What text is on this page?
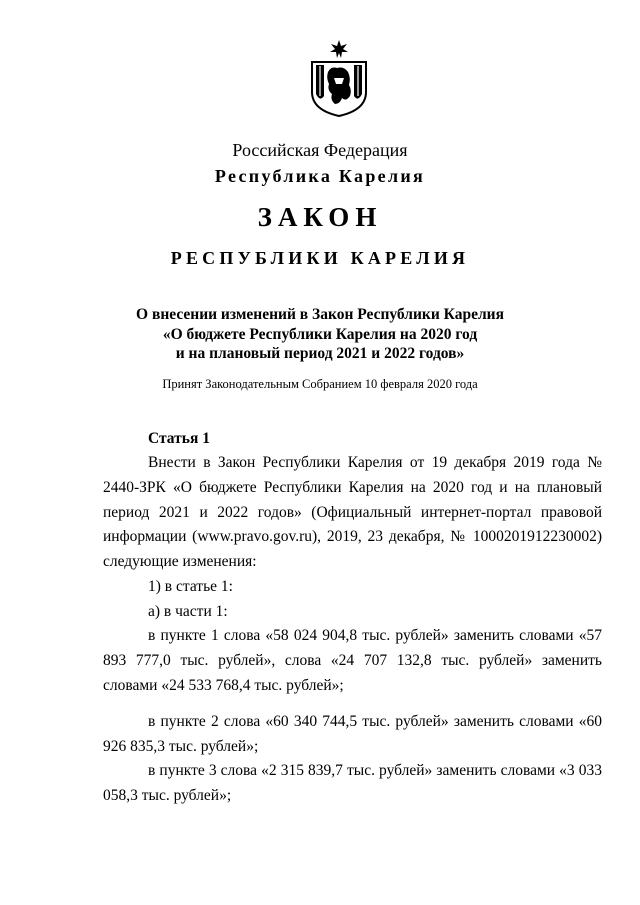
Российская Федерация
Республика Карелия
ЗАКОН
РЕСПУБЛИКИ КАРЕЛИЯ
О внесении изменений в Закон Республики Карелия
«О бюджете Республики Карелия на 2020 год
и на плановый период 2021 и 2022 годов»
Принят Законодательным Собранием 10 февраля 2020 года
Статья 1

Внести в Закон Республики Карелия от 19 декабря 2019 года № 2440-ЗРК «О бюджете Республики Карелия на 2020 год и на плановый период 2021 и 2022 годов» (Официальный интернет-портал правовой информации (www.pravo.gov.ru), 2019, 23 декабря, № 1000201912230002) следующие изменения:

1) в статье 1:

а) в части 1:

в пункте 1 слова «58 024 904,8 тыс. рублей» заменить словами «57 893 777,0 тыс. рублей», слова «24 707 132,8 тыс. рублей» заменить словами «24 533 768,4 тыс. рублей»;

в пункте 2 слова «60 340 744,5 тыс. рублей» заменить словами «60 926 835,3 тыс. рублей»;

в пункте 3 слова «2 315 839,7 тыс. рублей» заменить словами «3 033 058,3 тыс. рублей»;
